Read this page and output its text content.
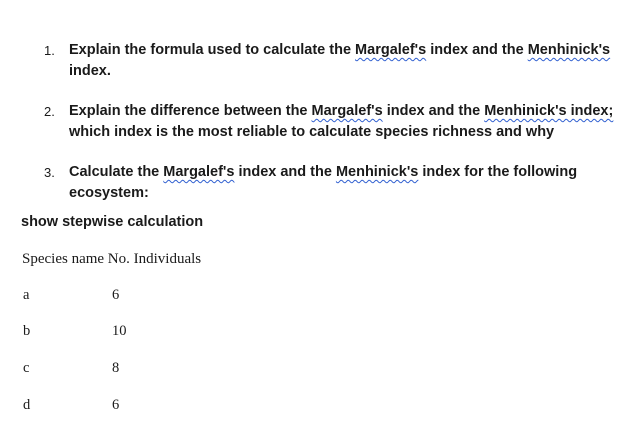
1. Explain the formula used to calculate the Margalef's index and the Menhinick's
index.
2. Explain the difference between the Margalef's index and the Menhinick's index;
which index is the most reliable to calculate species richness and why
3. Calculate the Margalef's index and the Menhinick's index for the following
ecosystem:
show stepwise calculation
Species name No. Individuals
a	6
b	10
c	8
d	6
